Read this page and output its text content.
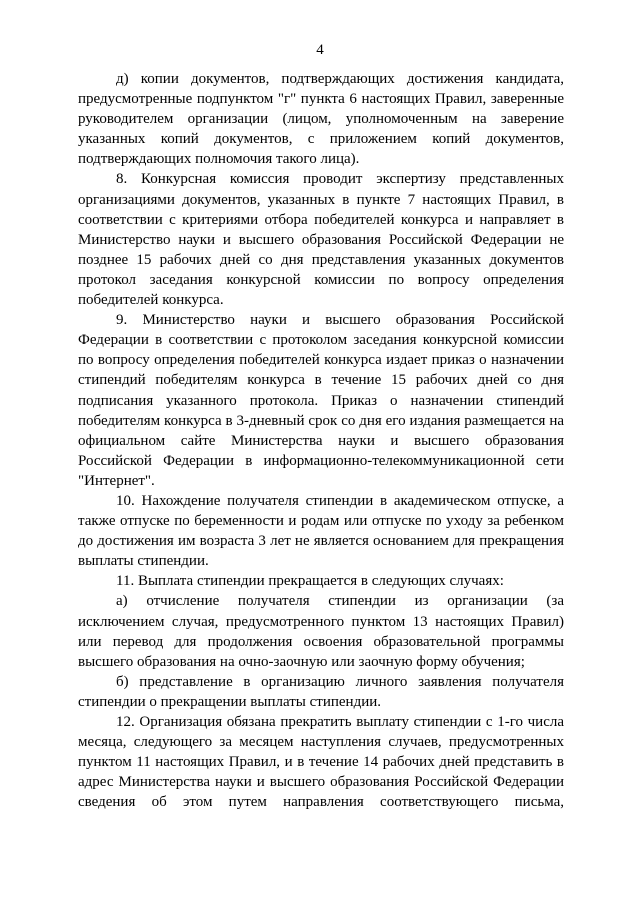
4

д) копии документов, подтверждающих достижения кандидата, предусмотренные подпунктом "г" пункта 6 настоящих Правил, заверенные руководителем организации (лицом, уполномоченным на заверение указанных копий документов, с приложением копий документов, подтверждающих полномочия такого лица).

8. Конкурсная комиссия проводит экспертизу представленных организациями документов, указанных в пункте 7 настоящих Правил, в соответствии с критериями отбора победителей конкурса и направляет в Министерство науки и высшего образования Российской Федерации не позднее 15 рабочих дней со дня представления указанных документов протокол заседания конкурсной комиссии по вопросу определения победителей конкурса.

9. Министерство науки и высшего образования Российской Федерации в соответствии с протоколом заседания конкурсной комиссии по вопросу определения победителей конкурса издает приказ о назначении стипендий победителям конкурса в течение 15 рабочих дней со дня подписания указанного протокола. Приказ о назначении стипендий победителям конкурса в 3-дневный срок со дня его издания размещается на официальном сайте Министерства науки и высшего образования Российской Федерации в информационно-телекоммуникационной сети "Интернет".

10. Нахождение получателя стипендии в академическом отпуске, а также отпуске по беременности и родам или отпуске по уходу за ребенком до достижения им возраста 3 лет не является основанием для прекращения выплаты стипендии.

11. Выплата стипендии прекращается в следующих случаях:

а) отчисление получателя стипендии из организации (за исключением случая, предусмотренного пунктом 13 настоящих Правил) или перевод для продолжения освоения образовательной программы высшего образования на очно-заочную или заочную форму обучения;

б) представление в организацию личного заявления получателя стипендии о прекращении выплаты стипендии.

12. Организация обязана прекратить выплату стипендии с 1-го числа месяца, следующего за месяцем наступления случаев, предусмотренных пунктом 11 настоящих Правил, и в течение 14 рабочих дней представить в адрес Министерства науки и высшего образования Российской Федерации сведения об этом путем направления соответствующего письма,
